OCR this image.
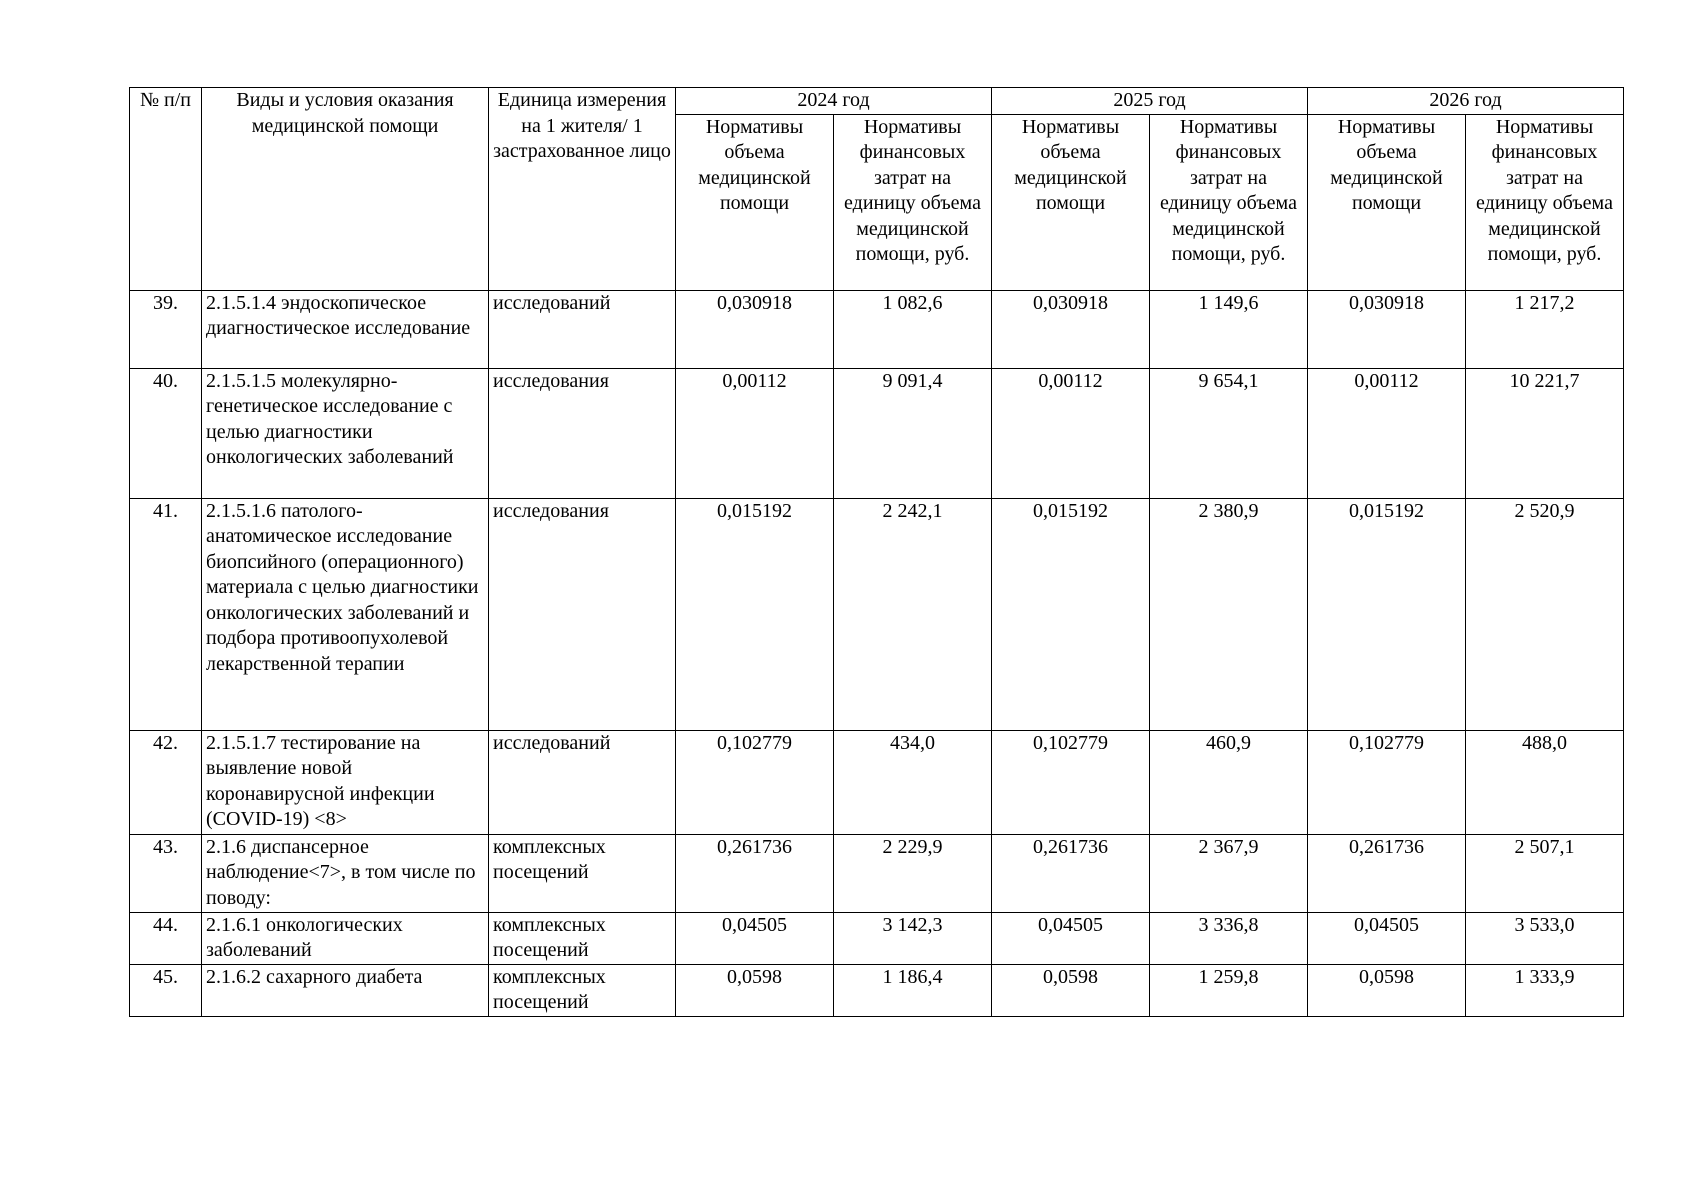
№ п/п	Виды и условия оказания медицинской помощи	Единица измерения на 1 жителя/ 1 застрахованное лицо	2024 год		2025 год		2026 год	
			Нормативы объема медицинской помощи	Нормативы финансовых затрат на единицу объема медицинской помощи, руб.	Нормативы объема медицинской помощи	Нормативы финансовых затрат на единицу объема медицинской помощи, руб.	Нормативы объема медицинской помощи	Нормативы финансовых затрат на единицу объема медицинской помощи, руб.
39.	2.1.5.1.4 эндоскопическое диагностическое исследование	исследований	0,030918	1 082,6	0,030918	1 149,6	0,030918	1 217,2
40.	2.1.5.1.5 молекулярно-генетическое исследование с целью диагностики онкологических заболеваний	исследования	0,00112	9 091,4	0,00112	9 654,1	0,00112	10 221,7
41.	2.1.5.1.6 патолого-анатомическое исследование биопсийного (операционного) материала с целью диагностики онкологических заболеваний и подбора противоопухолевой лекарственной терапии	исследования	0,015192	2 242,1	0,015192	2 380,9	0,015192	2 520,9
42.	2.1.5.1.7 тестирование на выявление новой коронавирусной инфекции (COVID-19) <8>	исследований	0,102779	434,0	0,102779	460,9	0,102779	488,0
43.	2.1.6 диспансерное наблюдение<7>, в том числе по поводу:	комплексных посещений	0,261736	2 229,9	0,261736	2 367,9	0,261736	2 507,1
44.	2.1.6.1 онкологических заболеваний	комплексных посещений	0,04505	3 142,3	0,04505	3 336,8	0,04505	3 533,0
45.	2.1.6.2 сахарного диабета	комплексных посещений	0,0598	1 186,4	0,0598	1 259,8	0,0598	1 333,9
